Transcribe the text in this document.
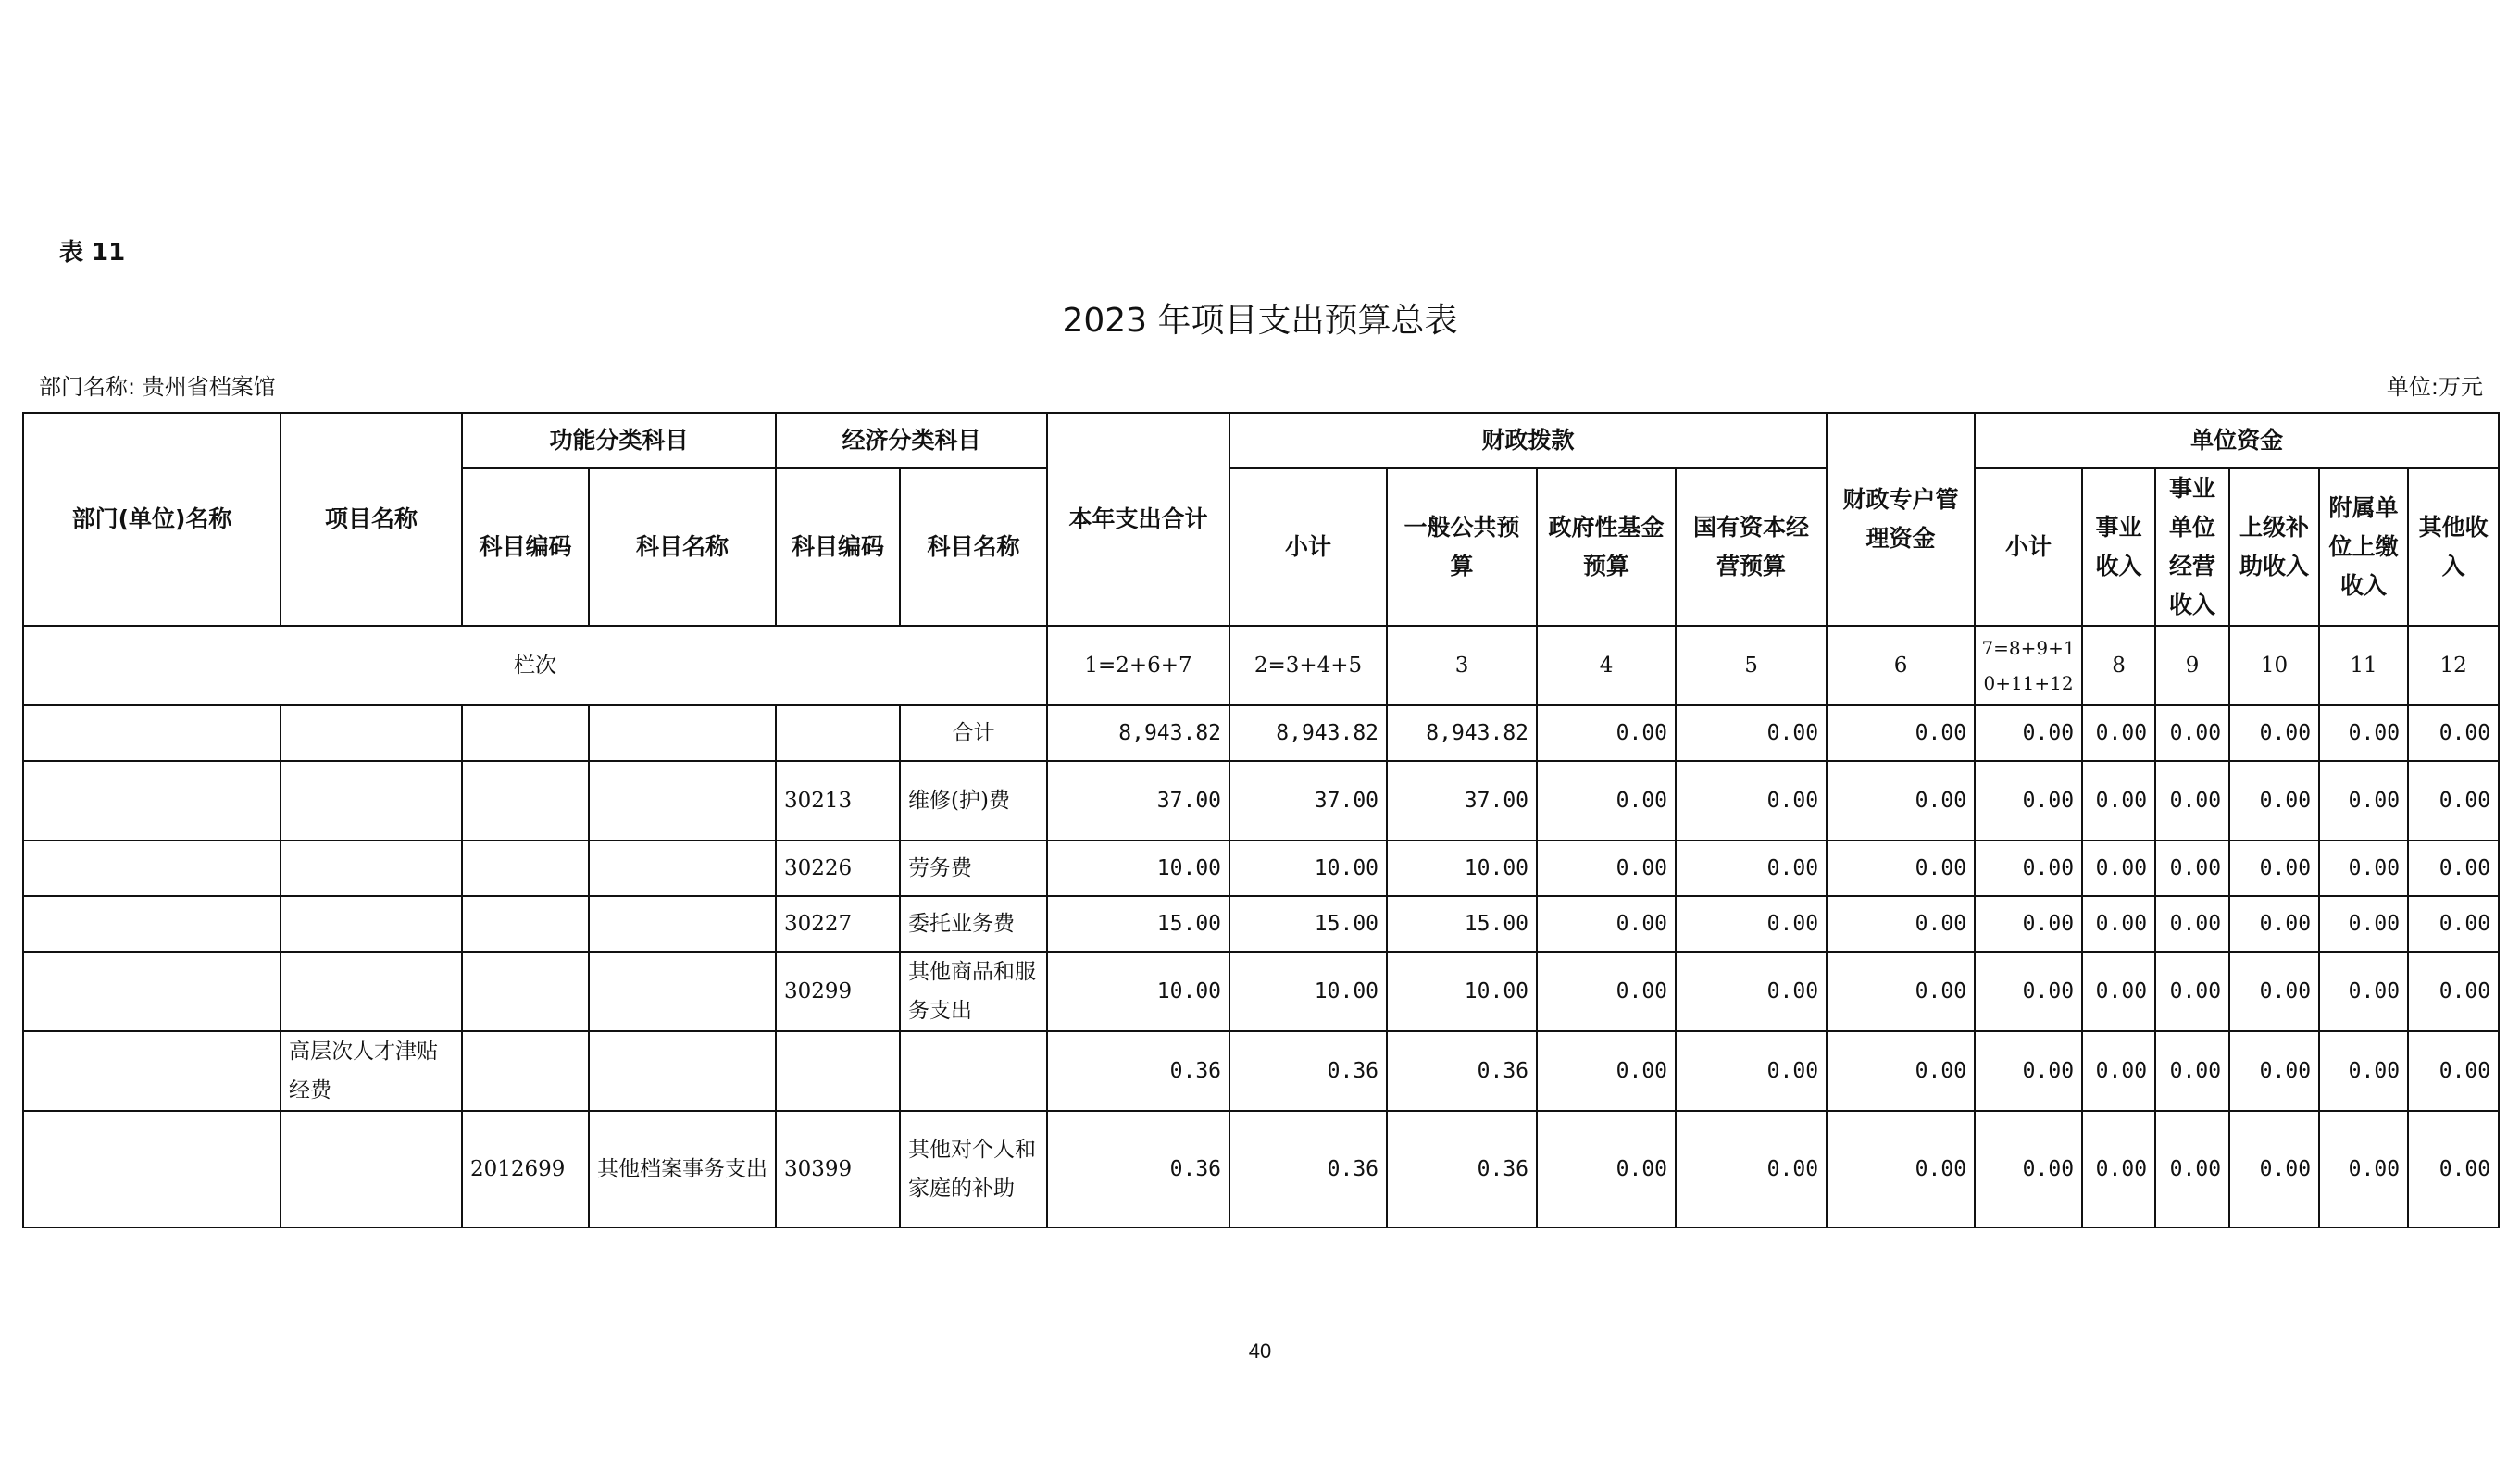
表 11
2023 年项目支出预算总表
部门名称: 贵州省档案馆	单位:万元
部门(单位)名称	项目名称	功能分类科目		经济分类科目		本年支出合计	财政拨款				财政专户管理资金	单位资金					
		科目编码	科目名称	科目编码	科目名称		小计	一般公共预算	政府性基金预算	国有资本经营预算		小计	事业收入	事业单位经营收入	上级补助收入	附属单位上缴收入	其他收入
栏次						1=2+6+7	2=3+4+5	3	4	5	6	7=8+9+10+11+12	8	9	10	11	12
					合计	8,943.82	8,943.82	8,943.82	0.00	0.00	0.00	0.00	0.00	0.00	0.00	0.00	0.00
				30213	维修(护)费	37.00	37.00	37.00	0.00	0.00	0.00	0.00	0.00	0.00	0.00	0.00	0.00
				30226	劳务费	10.00	10.00	10.00	0.00	0.00	0.00	0.00	0.00	0.00	0.00	0.00	0.00
				30227	委托业务费	15.00	15.00	15.00	0.00	0.00	0.00	0.00	0.00	0.00	0.00	0.00	0.00
				30299	其他商品和服务支出	10.00	10.00	10.00	0.00	0.00	0.00	0.00	0.00	0.00	0.00	0.00	0.00
	高层次人才津贴经费					0.36	0.36	0.36	0.00	0.00	0.00	0.00	0.00	0.00	0.00	0.00	0.00
		2012699	其他档案事务支出	30399	其他对个人和家庭的补助	0.36	0.36	0.36	0.00	0.00	0.00	0.00	0.00	0.00	0.00	0.00	0.00
40
